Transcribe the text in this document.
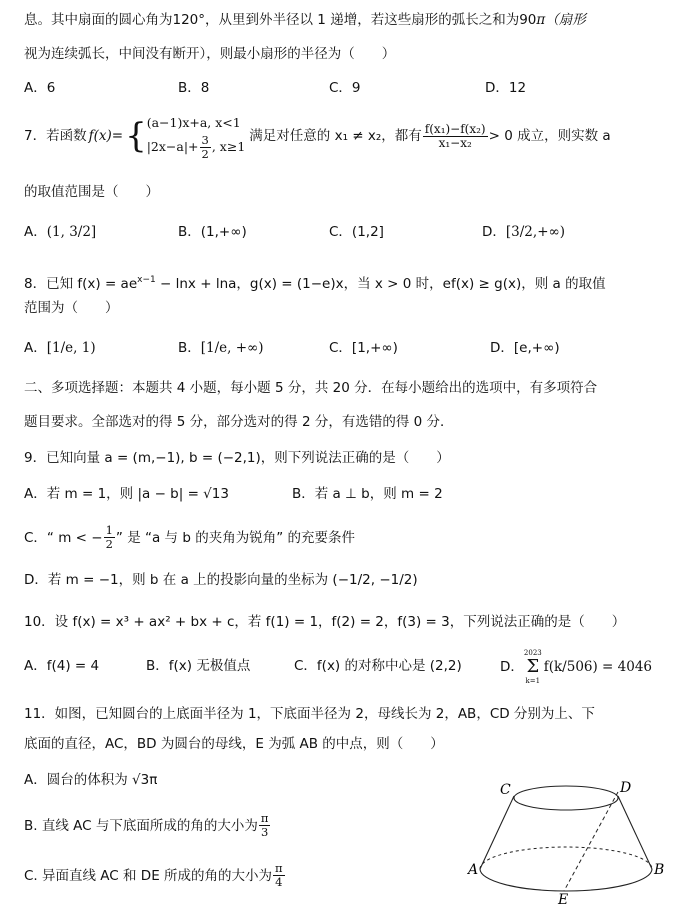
息。其中扇面的圆心角为120°，从里到外半径以 1 递增，若这些扇形的弧长之和为90π（扇形
视为连续弧长，中间没有断开），则最小扇形的半径为（　　）
A．6	B．8	C．9	D．12
7．若函数 f(x)= { (a−1)x+a, x<1
$|2x-a|+ \frac{3}{2}$ , x≥1
满足对任意的 x₁ ≠ x₂，都有 $\frac{\text{f(x₁)−f(x₂)}}{\text{x₁−x₂}} > 0$ 成立，则实数 a
的取值范围是（　　）
A．(1, 3/2]	B．(1,+∞)	C．(1,2]	D．[3/2,+∞)
8．已知 $f(x) = ae^{x-1} - \ln x + \ln a$，g(x) = (1−e)x，当 x > 0 时，ef(x) ≥ g(x)，则 a 的取值
范围为（　　）
A．[1/e, 1)	B．[1/e, +∞)	C．[1,+∞)	D．[e,+∞)
二、多项选择题：本题共 4 小题，每小题 5 分，共 20 分．在每小题给出的选项中，有多项符合
题目要求。全部选对的得 5 分，部分选对的得 2 分，有选错的得 0 分．
9．已知向量 a = (m,−1), b = (−2,1)，则下列说法正确的是（　　）
A．若 m = 1，则 |a − b| = √13	B．若 a ⊥ b，则 m = 2
C．“ m < − $\frac{1}{2}$ ” 是 “a 与 b 的夹角为锐角” 的充要条件
D．若 m = −1，则 b 在 a 上的投影向量的坐标为 (−1/2, −1/2)
10．设 f(x) = x³ + ax² + bx + c，若 f(1) = 1，f(2) = 2，f(3) = 3，下列说法正确的是（　　）
A．f(4) = 4	B．f(x) 无极值点	C．f(x) 的对称中心是 (2,2)	D．
2023
Σ
k=1
f(k/506) = 4046
11．如图，已知圆台的上底面半径为 1，下底面半径为 2，母线长为 2，AB，CD 分别为上、下
底面的直径，AC，BD 为圆台的母线，E 为弧 AB 的中点，则（　　）
A．圆台的体积为 √3π
B. 直线 AC 与下底面所成的角的大小为 $\frac{\pi}{3}$
C. 异面直线 AC 和 DE 所成的角的大小为 $\frac{\pi}{4}$
C	D
A	B
E
